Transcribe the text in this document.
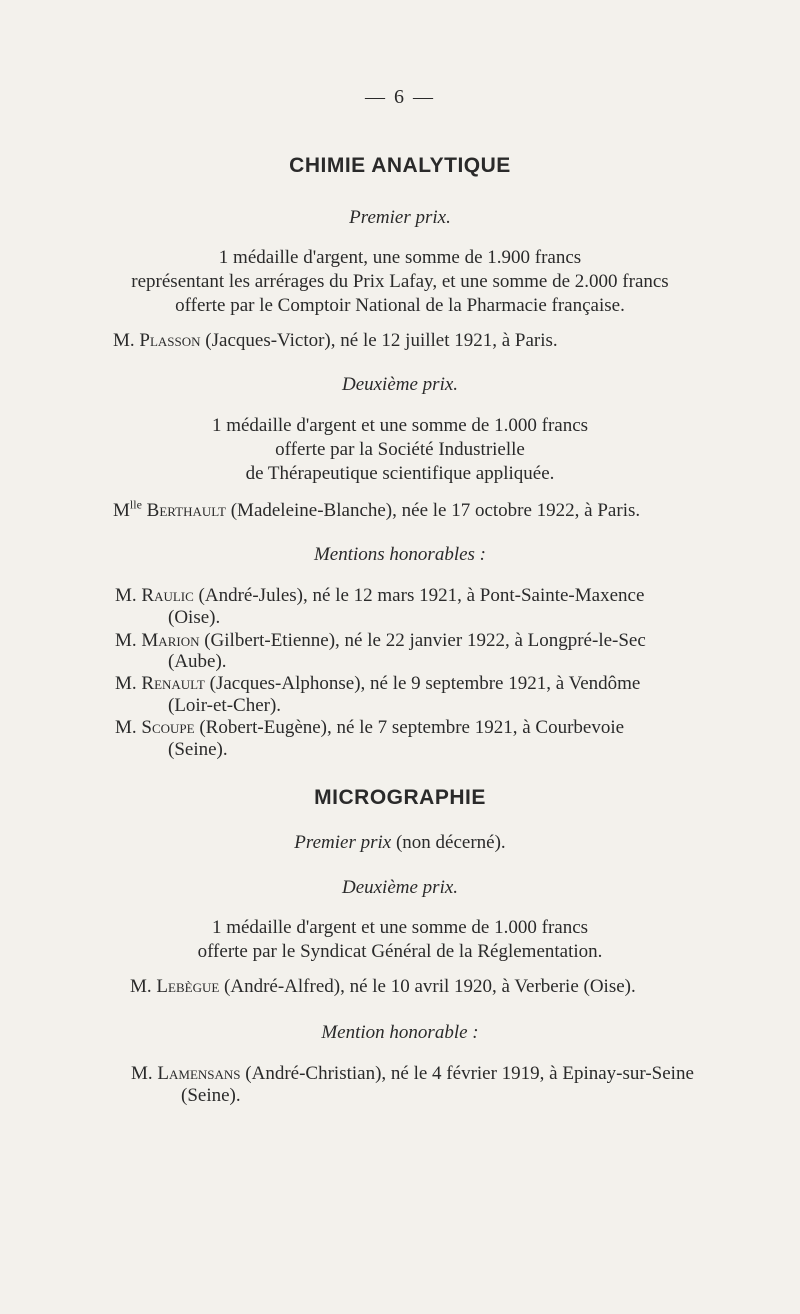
— 6 —
CHIMIE ANALYTIQUE
Premier prix.
1 médaille d'argent, une somme de 1.900 francs
représentant les arrérages du Prix Lafay, et une somme de 2.000 francs
offerte par le Comptoir National de la Pharmacie française.
M. Plasson (Jacques-Victor), né le 12 juillet 1921, à Paris.
Deuxième prix.
1 médaille d'argent et une somme de 1.000 francs
offerte par la Société Industrielle
de Thérapeutique scientifique appliquée.
$M^{lle}$ Berthault (Madeleine-Blanche), née le 17 octobre 1922, à Paris.
Mentions honorables :
M. Raulic (André-Jules), né le 12 mars 1921, à Pont-Sainte-Maxence
(Oise).
M. Marion (Gilbert-Etienne), né le 22 janvier 1922, à Longpré-le-Sec
(Aube).
M. Renault (Jacques-Alphonse), né le 9 septembre 1921, à Vendôme
(Loir-et-Cher).
M. Scoupe (Robert-Eugène), né le 7 septembre 1921, à Courbevoie
(Seine).
MICROGRAPHIE
Premier prix (non décerné).
Deuxième prix.
1 médaille d'argent et une somme de 1.000 francs
offerte par le Syndicat Général de la Réglementation.
M. Lebègue (André-Alfred), né le 10 avril 1920, à Verberie (Oise).
Mention honorable :
M. Lamensans (André-Christian), né le 4 février 1919, à Epinay-sur-Seine
(Seine).
